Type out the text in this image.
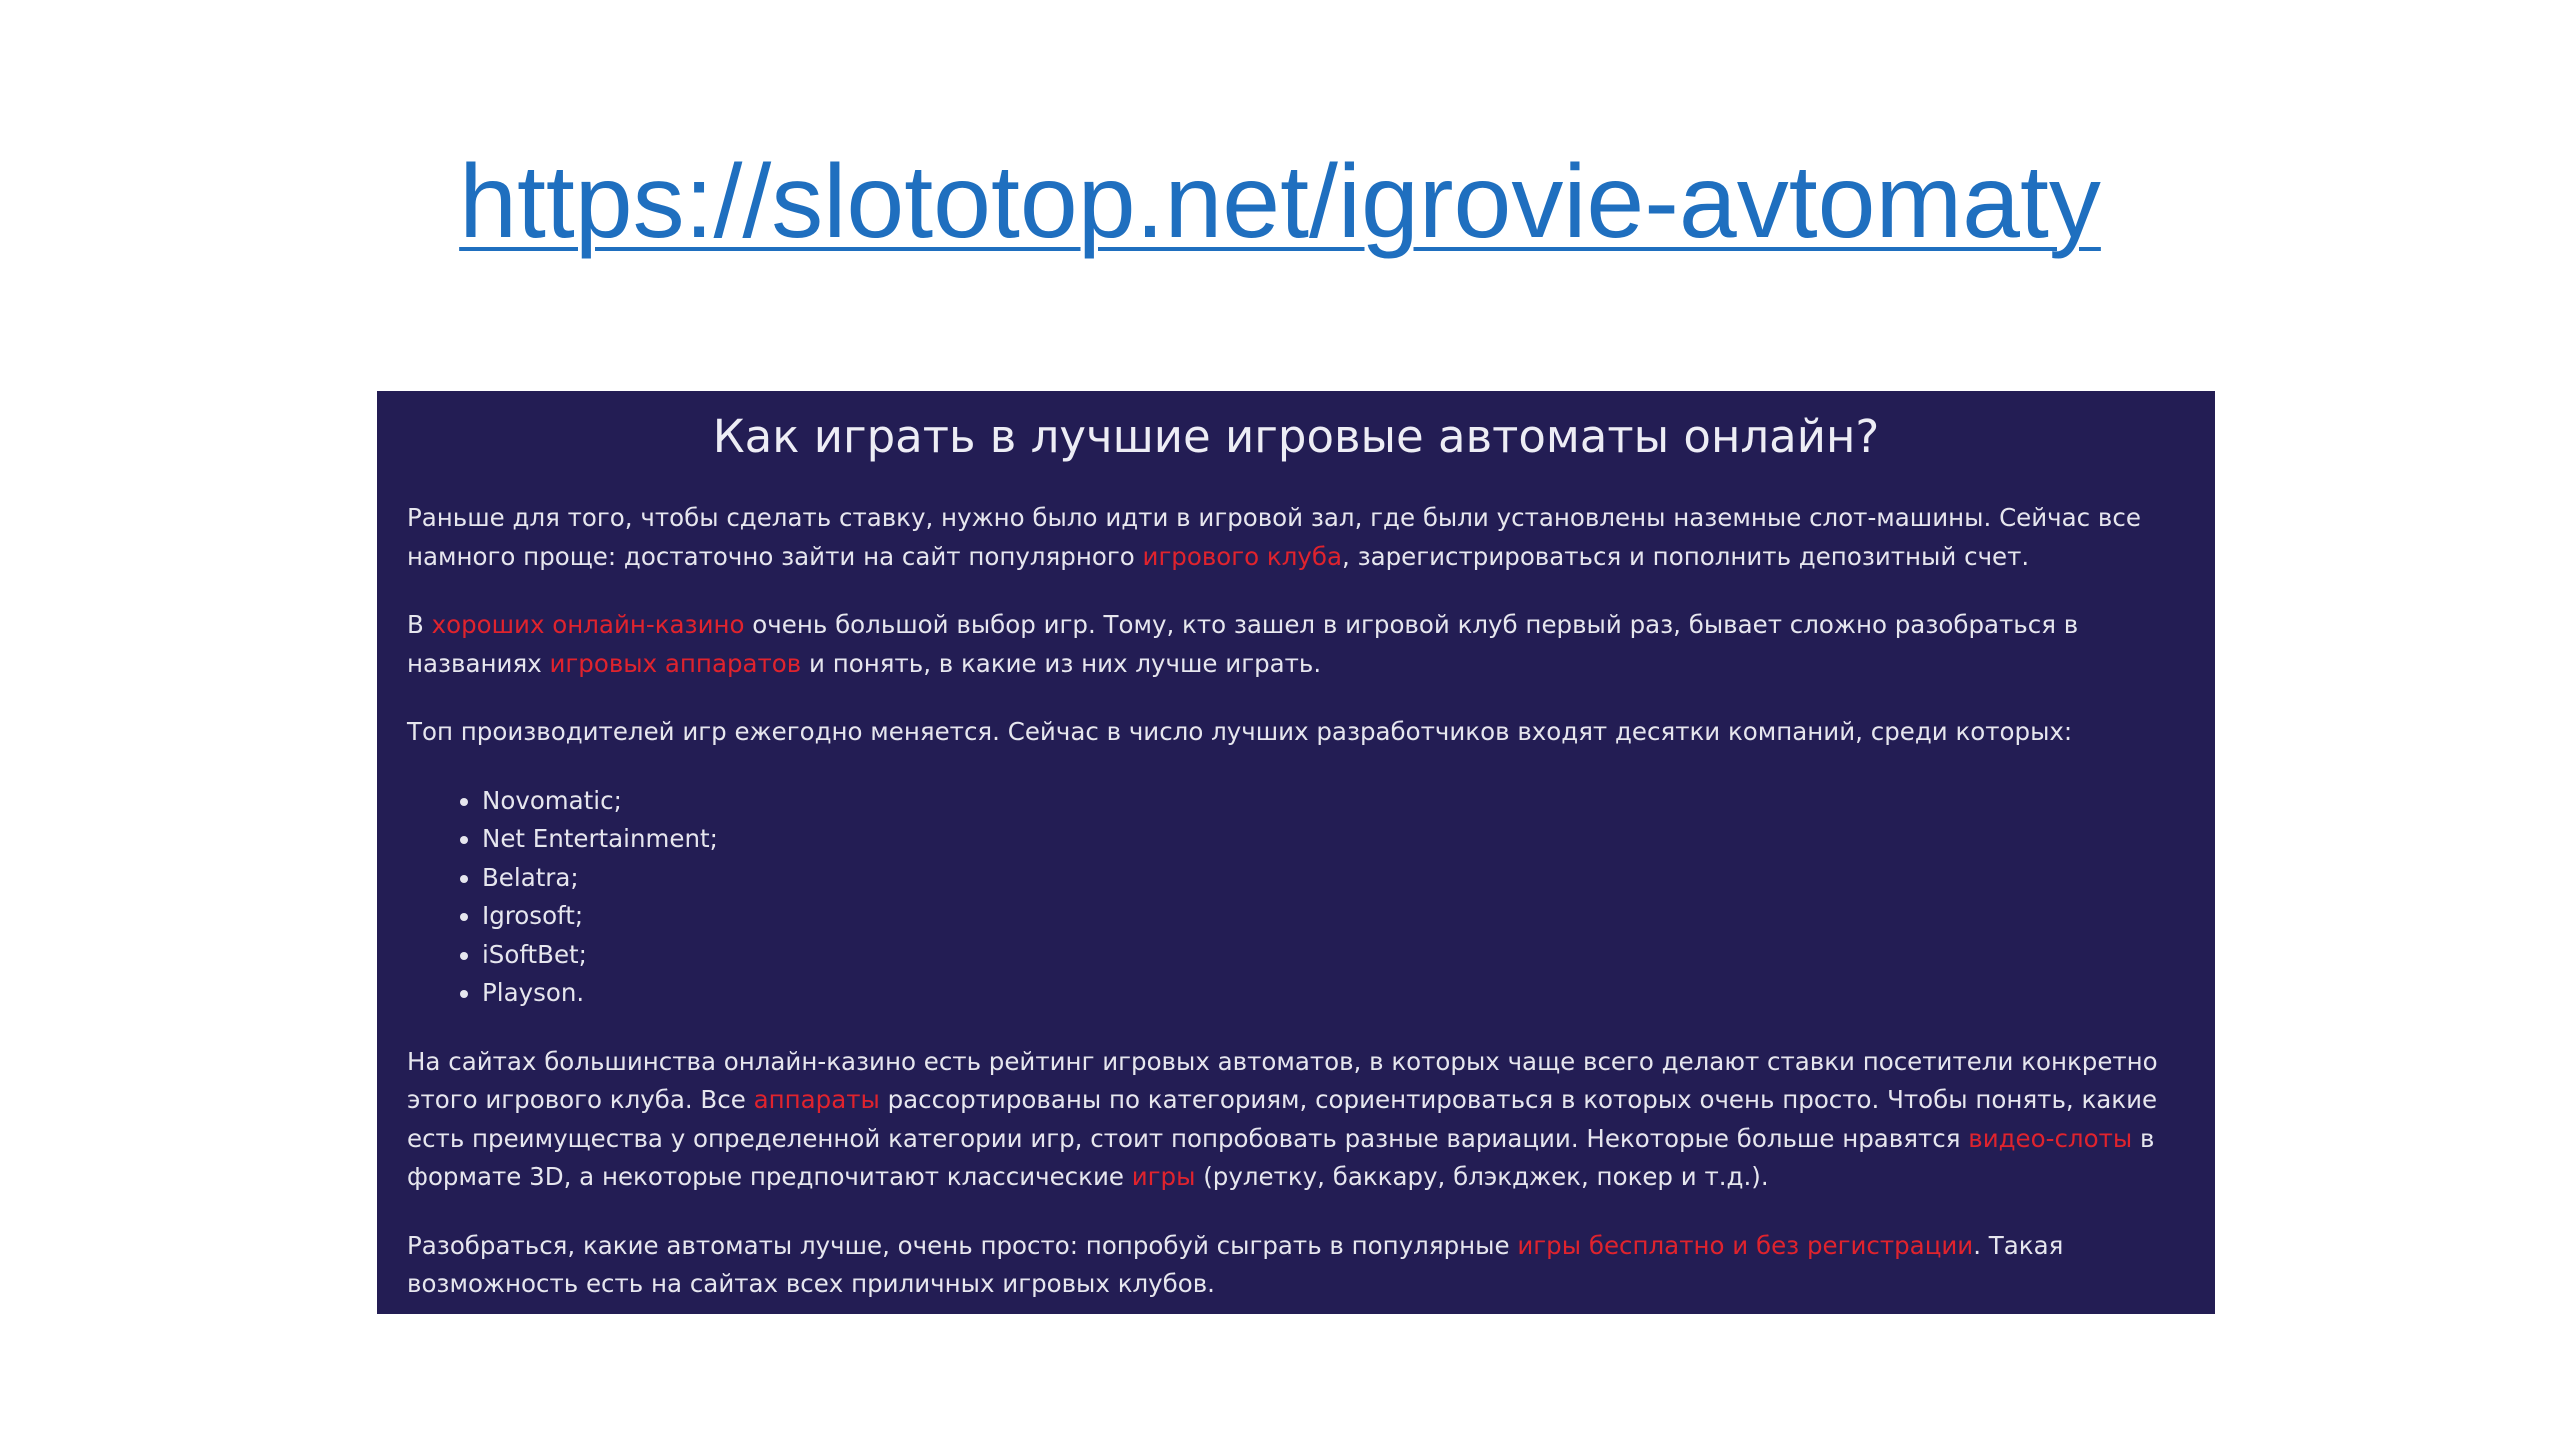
https://slototop.net/igrovie-avtomaty
Как играть в лучшие игровые автоматы онлайн?

Раньше для того, чтобы сделать ставку, нужно было идти в игровой зал, где были установлены наземные слот-машины. Сейчас все намного проще: достаточно зайти на сайт популярного игрового клуба, зарегистрироваться и пополнить депозитный счет.

В хороших онлайн-казино очень большой выбор игр. Тому, кто зашел в игровой клуб первый раз, бывает сложно разобраться в названиях игровых аппаратов и понять, в какие из них лучше играть.

Топ производителей игр ежегодно меняется. Сейчас в число лучших разработчиков входят десятки компаний, среди которых:

• Novomatic;
• Net Entertainment;
• Belatra;
• Igrosoft;
• iSoftBet;
• Playson.

На сайтах большинства онлайн-казино есть рейтинг игровых автоматов, в которых чаще всего делают ставки посетители конкретно этого игрового клуба. Все аппараты рассортированы по категориям, сориентироваться в которых очень просто. Чтобы понять, какие есть преимущества у определенной категории игр, стоит попробовать разные вариации. Некоторые больше нравятся видео-слоты в формате 3D, а некоторые предпочитают классические игры (рулетку, баккару, блэкджек, покер и т.д.).

Разобраться, какие автоматы лучше, очень просто: попробуй сыграть в популярные игры бесплатно и без регистрации. Такая возможность есть на сайтах всех приличных игровых клубов.
